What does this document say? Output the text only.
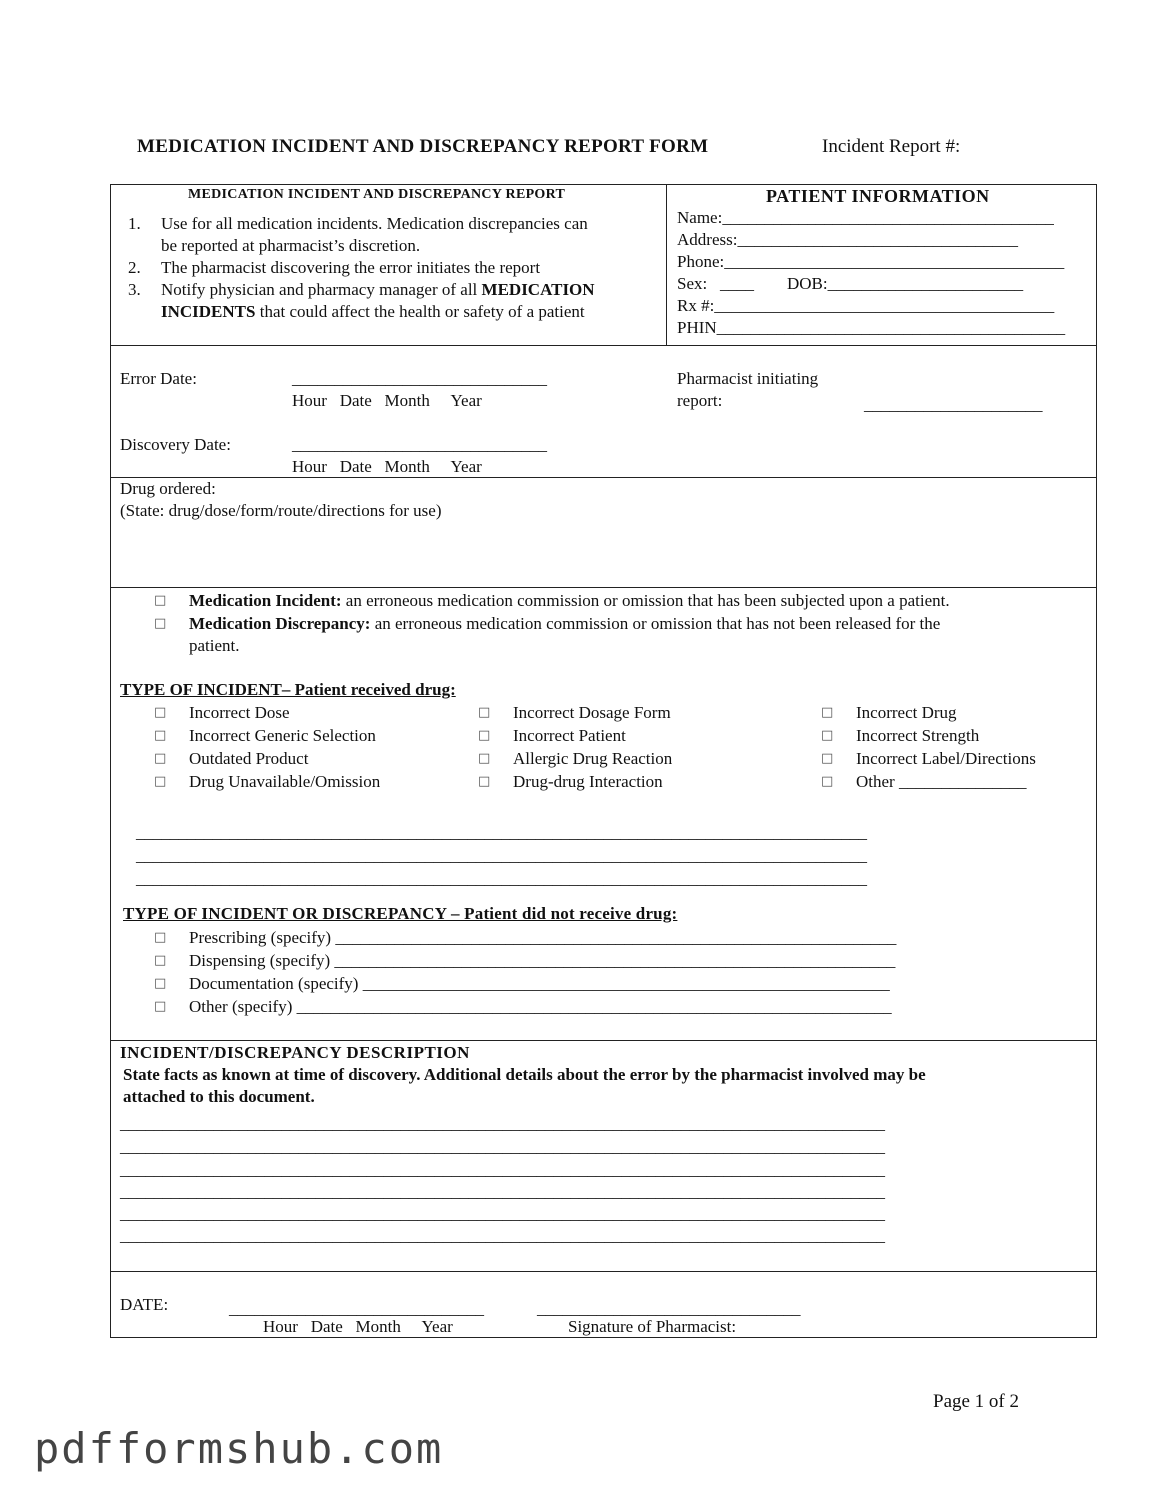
MEDICATION INCIDENT AND DISCREPANCY REPORT FORM	Incident Report #:
MEDICATION INCIDENT AND DISCREPANCY REPORT
1. Use for all medication incidents. Medication discrepancies can
be reported at pharmacist’s discretion.
2. The pharmacist discovering the error initiates the report
3. Notify physician and pharmacy manager of all MEDICATION
INCIDENTS that could affect the health or safety of a patient
PATIENT INFORMATION
Name:_______________________________________
Address:_________________________________
Phone:________________________________________
Sex:   ____ DOB:_______________________
Rx #:________________________________________
PHIN_________________________________________
Error Date:	______________________________
Hour   Date   Month     Year
Pharmacist initiating
report:	_____________________
Discovery Date:	______________________________
Hour   Date   Month     Year
Drug ordered:
(State: drug/dose/form/route/directions for use)
□ Medication Incident: an erroneous medication commission or omission that has been subjected upon a patient.
□ Medication Discrepancy: an erroneous medication commission or omission that has not been released for the
patient.
TYPE OF INCIDENT– Patient received drug:
□ Incorrect Dose
□ Incorrect Generic Selection
□ Outdated Product
□ Drug Unavailable/Omission
□ Incorrect Dosage Form
□ Incorrect Patient
□ Allergic Drug Reaction
□ Drug-drug Interaction
□ Incorrect Drug
□ Incorrect Strength
□ Incorrect Label/Directions
□ Other _______________
______________________________________________________________________________________
______________________________________________________________________________________
______________________________________________________________________________________
TYPE OF INCIDENT OR DISCREPANCY – Patient did not receive drug:
□ Prescribing (specify) __________________________________________________________________
□ Dispensing (specify) __________________________________________________________________
□ Documentation (specify) ______________________________________________________________
□ Other (specify) ______________________________________________________________________
INCIDENT/DISCREPANCY DESCRIPTION
State facts as known at time of discovery. Additional details about the error by the pharmacist involved may be
attached to this document.
__________________________________________________________________________________________
__________________________________________________________________________________________
__________________________________________________________________________________________
__________________________________________________________________________________________
__________________________________________________________________________________________
__________________________________________________________________________________________
DATE:	______________________________	_______________________________
Hour   Date   Month     Year	Signature of Pharmacist:
Page 1 of 2
pdfformshub.com
